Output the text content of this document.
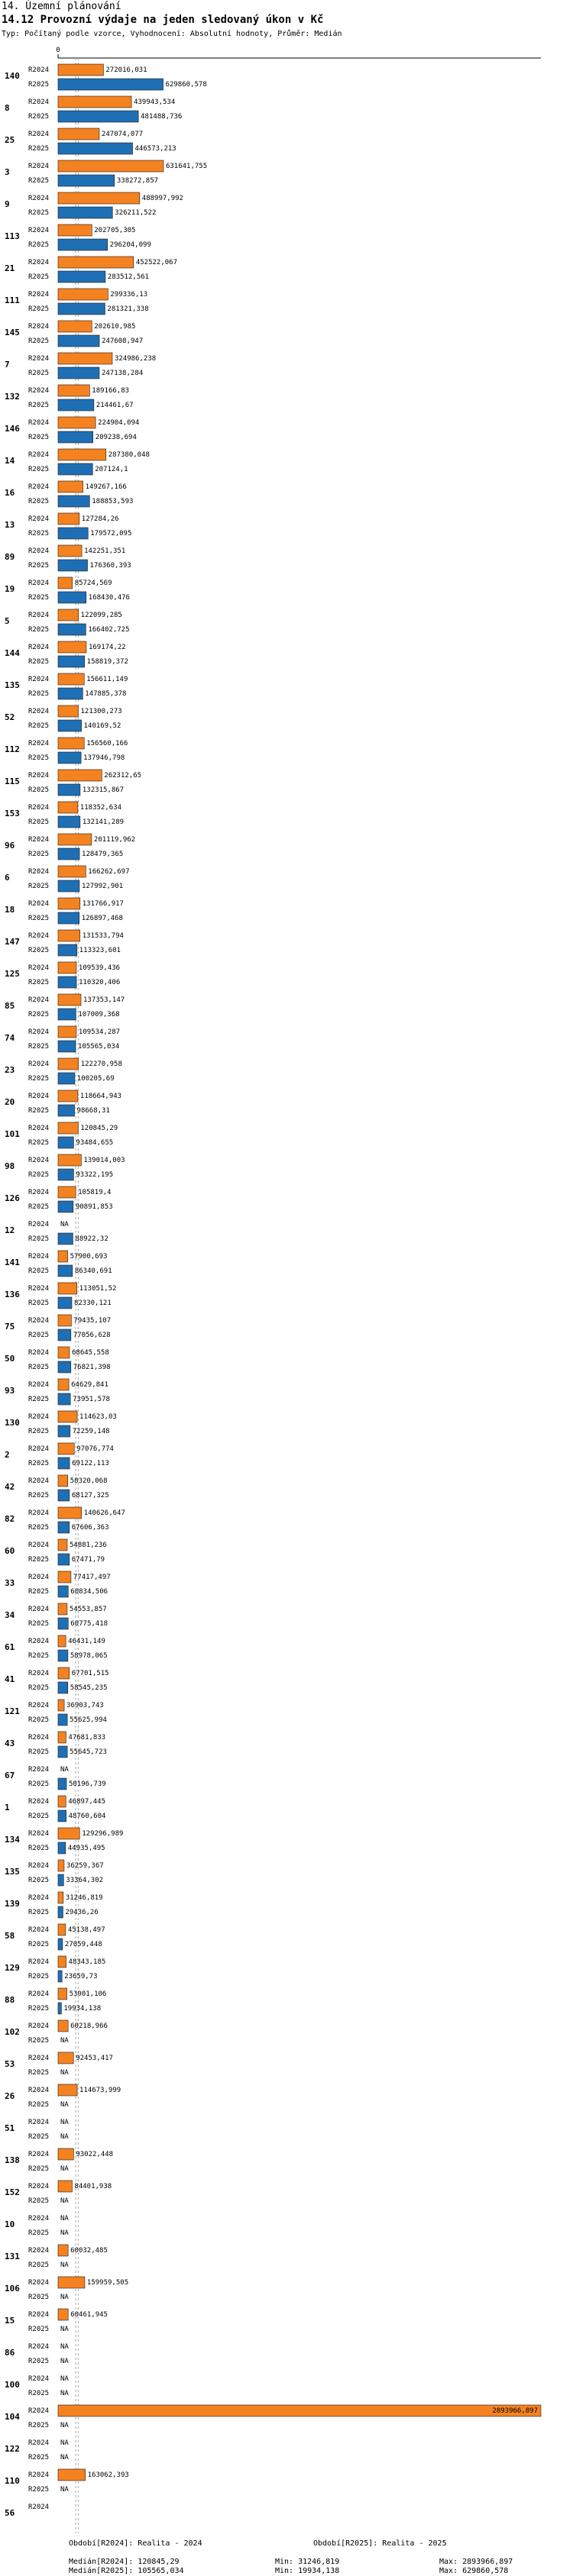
14. Územní plánování
14.12 Provozní výdaje na jeden sledovaný úkon v Kč
Typ: Počítaný podle vzorce, Vyhodnocení: Absolutní hodnoty, Průměr: Medián
0
140
R2024	272016,031
R2025	629860,578
8
R2024	439943,534
R2025	481488,736
25
R2024	247074,077
R2025	446573,213
3
R2024	631641,755
R2025	338272,857
9
R2024	488997,992
R2025	326211,522
113
R2024	202705,305
R2025	296204,099
21
R2024	452522,067
R2025	283512,561
111
R2024	299336,13
R2025	281321,338
145
R2024	202610,985
R2025	247608,947
7
R2024	324986,238
R2025	247138,284
132
R2024	189166,83
R2025	214461,67
146
R2024	224904,094
R2025	209238,694
14
R2024	287380,048
R2025	207124,1
16
R2024	149267,166
R2025	188853,593
13
R2024	127284,26
R2025	179572,095
89
R2024	142251,351
R2025	176360,393
19
R2024	85724,569
R2025	168430,476
5
R2024	122099,285
R2025	166402,725
144
R2024	169174,22
R2025	158819,372
135
R2024	156611,149
R2025	147885,378
52
R2024	121300,273
R2025	140169,52
112
R2024	156560,166
R2025	137946,798
115
R2024	262312,65
R2025	132315,867
153
R2024	118352,634
R2025	132141,289
96
R2024	201119,962
R2025	128479,365
6
R2024	166262,697
R2025	127992,901
18
R2024	131766,917
R2025	126897,468
147
R2024	131533,794
R2025	113323,601
125
R2024	109539,436
R2025	110320,406
85
R2024	137353,147
R2025	107009,368
74
R2024	109534,287
R2025	105565,034
23
R2024	122270,958
R2025	100205,69
20
R2024	118664,943
R2025	98668,31
101
R2024	120845,29
R2025	93484,655
98
R2024	139014,003
R2025	93322,195
126
R2024	105819,4
R2025	90891,853
12
R2024 NA
R2025	88922,32
141
R2024	57900,693
R2025	86340,691
136
R2024	113051,52
R2025	82330,121
75
R2024	79435,107
R2025	77056,628
50
R2024	68645,558
R2025	76821,398
93
R2024	64629,841
R2025	73951,578
130
R2024	114623,03
R2025	72259,148
2
R2024	97076,774
R2025	69122,113
42
R2024	58320,068
R2025	68127,325
82
R2024	140626,647
R2025	67606,363
60
R2024	54881,236
R2025	67471,79
33
R2024	77417,497
R2025	60834,506
34
R2024	54553,857
R2025	60775,418
61
R2024	46431,149
R2025	58978,065
41
R2024	67701,515
R2025	58545,235
121
R2024	36903,743
R2025	55625,994
43
R2024	47681,833
R2025	55645,723
67
R2024 NA
R2025	50196,739
1
R2024	46897,445
R2025	48760,604
134
R2024	129296,989
R2025	44935,495
135
R2024	36259,367
R2025 33364,302
139
R2024 31246,819
R2025 29436,26
58
R2024	45138,497
R2025 27059,448
129
R2024	48343,185
R2025 23659,73
88
R2024	53001,106
R2025 19934,138
102
R2024	60218,966
R2025 NA
53
R2024	92453,417
R2025 NA
26
R2024	114673,999
R2025 NA
51
R2024 NA
R2025 NA
138
R2024	93022,448
R2025 NA
152
R2024	84401,938
R2025 NA
10
R2024 NA
R2025 NA
131
R2024	60032,485
R2025 NA
106
R2024	159959,505
R2025 NA
15
R2024	60461,945
R2025 NA
86
R2024 NA
R2025 NA
100
R2024 NA
R2025 NA
104
R2024	2893966,897
R2025 NA
122
R2024 NA
R2025 NA
110
R2024	163062,393
R2025 NA
56
R2024
Období[R2024]: Realita - 2024	Období[R2025]: Realita - 2025
Medián[R2024]: 120845,29	Min: 31246,819	Max: 2893966,897
Medián[R2025]: 105565,034	Min: 19934,138	Max: 629860,578
